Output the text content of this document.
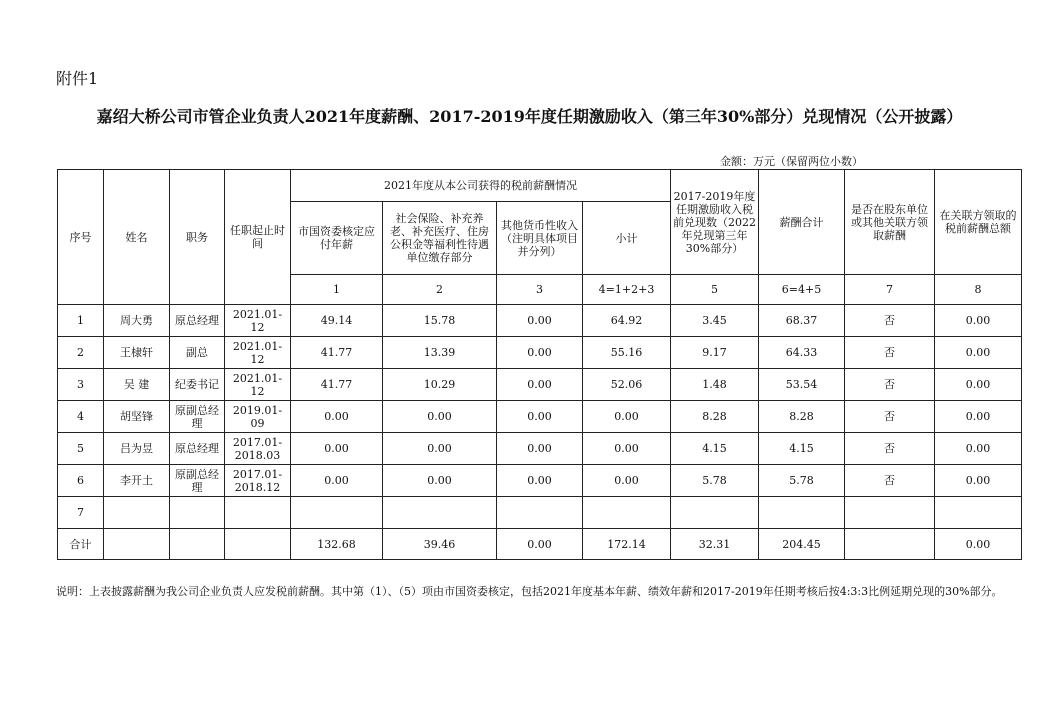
附件1
嘉绍大桥公司市管企业负责人2021年度薪酬、2017-2019年度任期激励收入（第三年30%部分）兑现情况（公开披露）
金额：万元（保留两位小数）
序号	姓名	职务	任职起止时间	2021年度从本公司获得的税前薪酬情况				2017-2019年度任期激励收入税前兑现数（2022年兑现第三年30%部分）	薪酬合计	是否在股东单位或其他关联方领取薪酬	在关联方领取的税前薪酬总额
				市国资委核定应付年薪	社会保险、补充养老、补充医疗、住房公积金等福利性待遇单位缴存部分	其他货币性收入（注明具体项目并分列）	小计				
				1	2	3	4=1+2+3	5	6=4+5	7	8
1	周大勇	原总经理	2021.01-12	49.14	15.78	0.00	64.92	3.45	68.37	否	0.00
2	王棣轩	副总	2021.01-12	41.77	13.39	0.00	55.16	9.17	64.33	否	0.00
3	吴 建	纪委书记	2021.01-12	41.77	10.29	0.00	52.06	1.48	53.54	否	0.00
4	胡坚锋	原副总经理	2019.01-09	0.00	0.00	0.00	0.00	8.28	8.28	否	0.00
5	吕为昱	原总经理	2017.01-2018.03	0.00	0.00	0.00	0.00	4.15	4.15	否	0.00
6	李开土	原副总经理	2017.01-2018.12	0.00	0.00	0.00	0.00	5.78	5.78	否	0.00
7											
合计				132.68	39.46	0.00	172.14	32.31	204.45		0.00
说明：上表披露薪酬为我公司企业负责人应发税前薪酬。其中第（1）、（5）项由市国资委核定，包括2021年度基本年薪、绩效年薪和2017-2019年任期考核后按4:3:3比例延期兑现的30%部分。
